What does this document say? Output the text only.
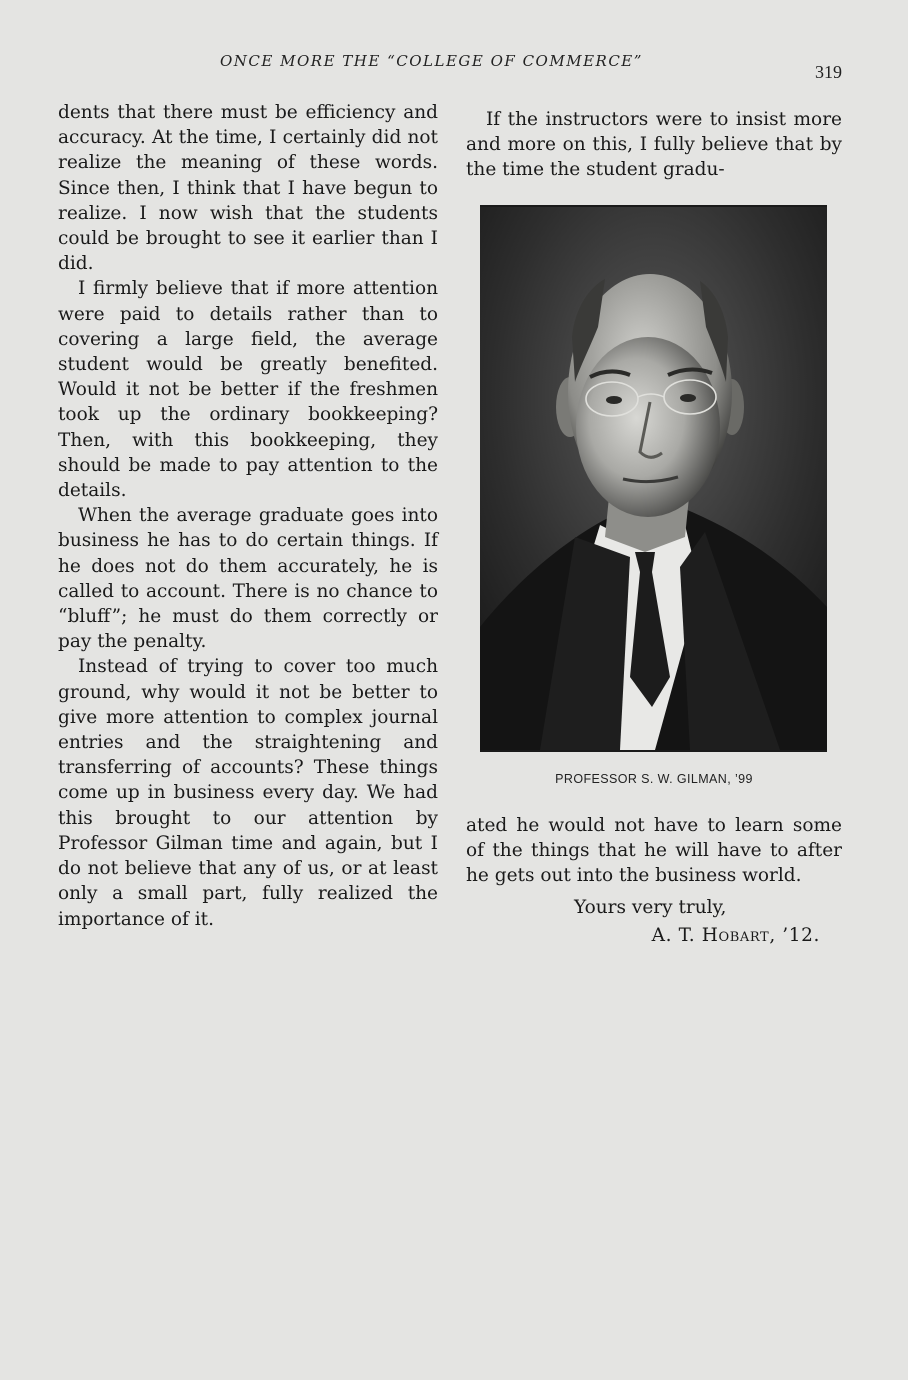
ONCE MORE THE “COLLEGE OF COMMERCE”
319

dents that there must be efficiency and accuracy. At the time, I certainly did not realize the meaning of these words. Since then, I think that I have begun to realize. I now wish that the students could be brought to see it earlier than I did.

I firmly believe that if more attention were paid to details rather than to covering a large field, the average student would be greatly benefited. Would it not be better if the freshmen took up the ordinary bookkeeping? Then, with this bookkeeping, they should be made to pay attention to the details.

When the average graduate goes into business he has to do certain things. If he does not do them accurately, he is called to account. There is no chance to “bluff”; he must do them correctly or pay the penalty.

Instead of trying to cover too much ground, why would it not be better to give more attention to complex journal entries and the straightening and transferring of accounts? These things come up in business every day. We had this brought to our attention by Professor Gilman time and again, but I do not believe that any of us, or at least only a small part, fully realized the importance of it.

If the instructors were to insist more and more on this, I fully believe that by the time the student gradu-

PROFESSOR S. W. GILMAN, ’99

ated he would not have to learn some of the things that he will have to after he gets out into the business world.

Yours very truly,
A. T. Hobart, ’12.
